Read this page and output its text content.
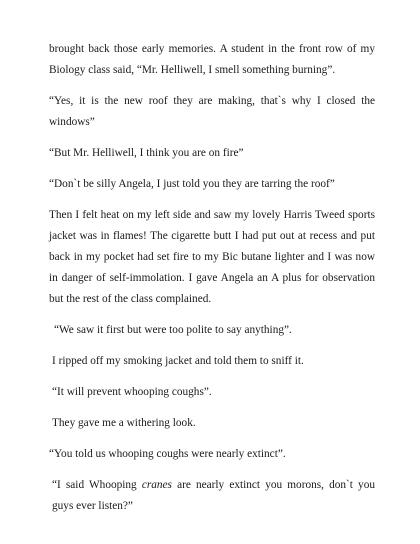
brought back those early memories. A student in the front row of my Biology class said, “Mr. Helliwell, I smell something burning”.

“Yes, it is the new roof they are making, that`s why I closed the windows”

“But Mr. Helliwell, I think you are on fire”

“Don`t be silly Angela, I just told you they are tarring the roof”

Then I felt heat on my left side and saw my lovely Harris Tweed sports jacket was in flames! The cigarette butt I had put out at recess and put back in my pocket had set fire to my Bic butane lighter and I was now in danger of self-immolation. I gave Angela an A plus for observation but the rest of the class complained.

“We saw it first but were too polite to say anything”.

I ripped off my smoking jacket and told them to sniff it.

“It will prevent whooping coughs”.

They gave me a withering look.

“You told us whooping coughs were nearly extinct”.

“I said Whooping cranes are nearly extinct you morons, don`t you guys ever listen?”
